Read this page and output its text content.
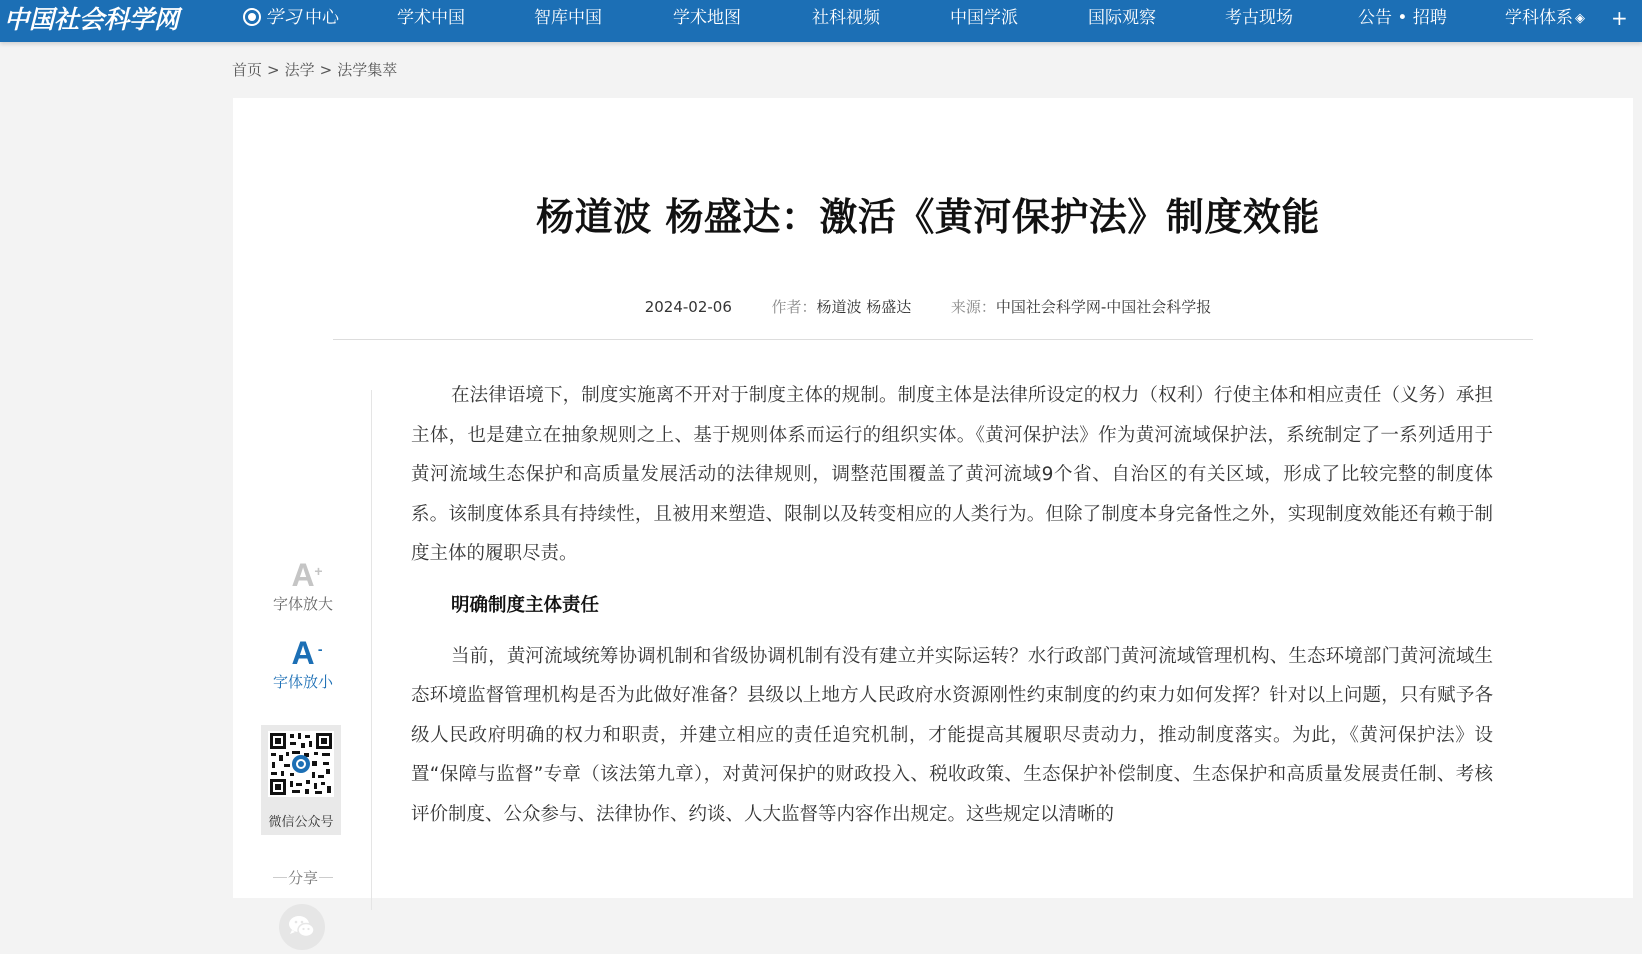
中国社会科学网	学习 中心	学术中国	智库中国	学术地图	社科视频	中国学派	国际观察	考古现场	公告 • 招聘	学科体系 ◈ +
首页 > 法学 > 法学集萃
杨道波 杨盛达：激活《黄河保护法》制度效能
2024-02-06	作者：杨道波 杨盛达	来源：中国社会科学网-中国社会科学报
A +
字体放大
A -
字体放小
微信公众号
分享

在法律语境下，制度实施离不开对于制度主体的规制。制度主体是法律所设定的权力（权利）行使主体和相应责任（义务）承担主体，也是建立在抽象规则之上、基于规则体系而运行的组织实体。《黄河保护法》作为黄河流域保护法，系统制定了一系列适用于黄河流域生态保护和高质量发展活动的法律规则，调整范围覆盖了黄河流域9个省、自治区的有关区域，形成了比较完整的制度体系。该制度体系具有持续性，且被用来塑造、限制以及转变相应的人类行为。但除了制度本身完备性之外，实现制度效能还有赖于制度主体的履职尽责。

明确制度主体责任

当前，黄河流域统筹协调机制和省级协调机制有没有建立并实际运转？水行政部门黄河流域管理机构、生态环境部门黄河流域生态环境监督管理机构是否为此做好准备？县级以上地方人民政府水资源刚性约束制度的约束力如何发挥？针对以上问题，只有赋予各级人民政府明确的权力和职责，并建立相应的责任追究机制，才能提高其履职尽责动力，推动制度落实。为此，《黄河保护法》设置“保障与监督”专章（该法第九章），对黄河保护的财政投入、税收政策、生态保护补偿制度、生态保护和高质量发展责任制、考核评价制度、公众参与、法律协作、约谈、人大监督等内容作出规定。这些规定以清晰的
